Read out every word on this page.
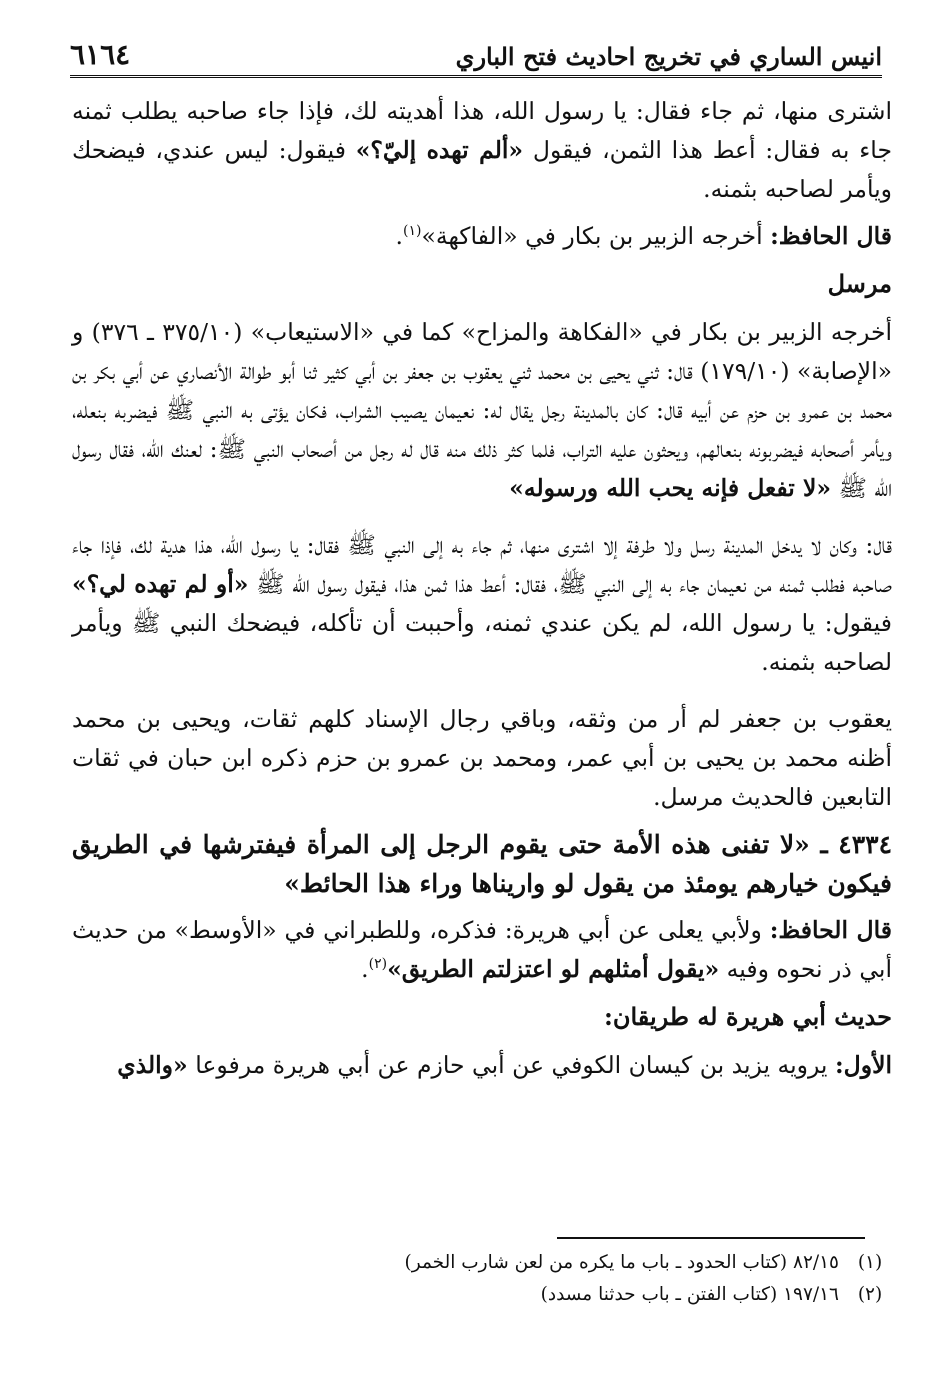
انيس الساري في تخريج احاديث فتح الباري
٦١٦٤

اشترى منها، ثم جاء فقال: يا رسول الله، هذا أهديته لك، فإذا جاء صاحبه يطلب ثمنه جاء به فقال: أعط هذا الثمن، فيقول «ألم تهده إليّ؟» فيقول: ليس عندي، فيضحك ويأمر لصاحبه بثمنه.

قال الحافظ: أخرجه الزبير بن بكار في «الفاكهة»$^{(١)}$.

مرسل

أخرجه الزبير بن بكار في «الفكاهة والمزاح» كما في «الاستيعاب» (٣٧٥/١٠ ـ ٣٧٦) و «الإصابة» (١٧٩/١٠) قال: ثني يحيى بن محمد ثني يعقوب بن جعفر بن أبي كثير ثنا أبو طوالة الأنصاري عن أبي بكر بن محمد بن عمرو بن حزم عن أبيه قال: كان بالمدينة رجل يقال له: نعيمان يصيب الشراب، فكان يؤتى به النبي ﷺ فيضربه بنعله، ويأمر أصحابه فيضربونه بنعالهم، ويحثون عليه التراب، فلما كثر ذلك منه قال له رجل من أصحاب النبي ﷺ: لعنك الله، فقال رسول الله ﷺ «لا تفعل فإنه يحب الله ورسوله»

قال: وكان لا يدخل المدينة رسل ولا طرفة إلا اشترى منها، ثم جاء به إلى النبي ﷺ فقال: يا رسول الله، هذا هدية لك، فإذا جاء صاحبه فطلب ثمنه من نعيمان جاء به إلى النبي ﷺ، فقال: أعط هذا ثمن هذا، فيقول رسول الله ﷺ «أو لم تهده لي؟» فيقول: يا رسول الله، لم يكن عندي ثمنه، وأحببت أن تأكله، فيضحك النبي ﷺ ويأمر لصاحبه بثمنه.

يعقوب بن جعفر لم أر من وثقه، وباقي رجال الإسناد كلهم ثقات، ويحيى بن محمد أظنه محمد بن يحيى بن أبي عمر، ومحمد بن عمرو بن حزم ذكره ابن حبان في ثقات التابعين فالحديث مرسل.

٤٣٣٤ ـ «لا تفنى هذه الأمة حتى يقوم الرجل إلى المرأة فيفترشها في الطريق فيكون خيارهم يومئذ من يقول لو واريناها وراء هذا الحائط»

قال الحافظ: ولأبي يعلى عن أبي هريرة: فذكره، وللطبراني في «الأوسط» من حديث أبي ذر نحوه وفيه «يقول أمثلهم لو اعتزلتم الطريق»$^{(٢)}$.

حديث أبي هريرة له طريقان:

الأول: يرويه يزيد بن كيسان الكوفي عن أبي حازم عن أبي هريرة مرفوعا «والذي

(١)
٨٢/١٥ (كتاب الحدود ـ باب ما يكره من لعن شارب الخمر)
(٢)
١٩٧/١٦ (كتاب الفتن ـ باب حدثنا مسدد)
